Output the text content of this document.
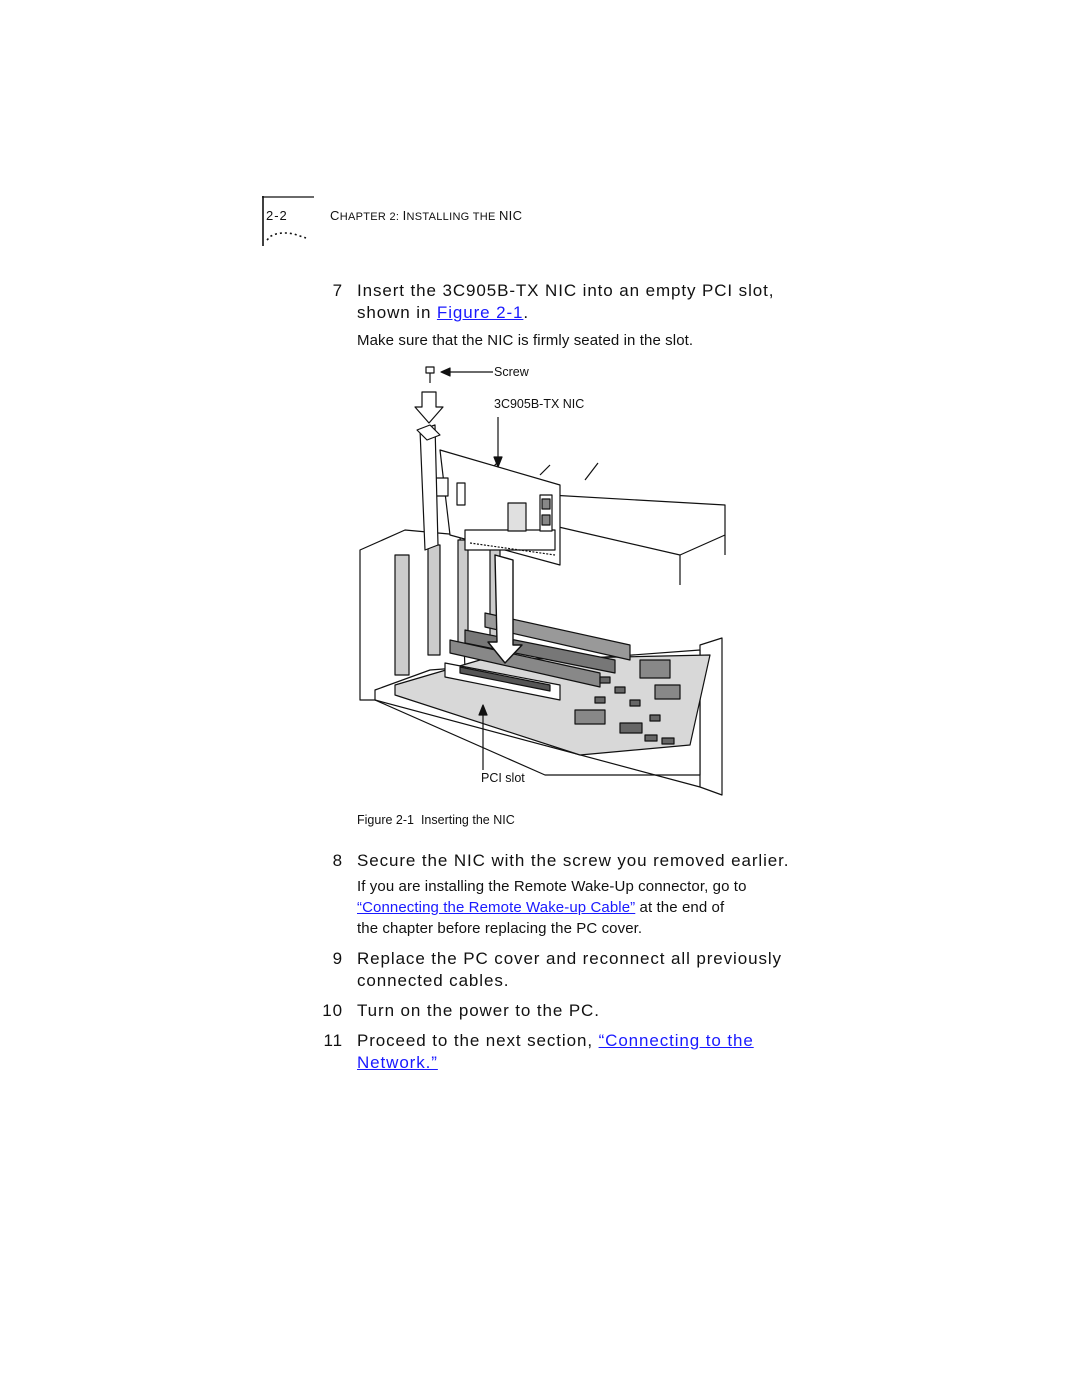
2-2	CHAPTER 2: INSTALLING THE NIC
7 Insert the 3C905B-TX NIC into an empty PCI slot,
shown in Figure 2-1.
Make sure that the NIC is firmly seated in the slot.
Screw
3C905B-TX NIC
PCI slot
Figure 2-1 Inserting the NIC
8 Secure the NIC with the screw you removed earlier.
If you are installing the Remote Wake-Up connector, go to
“Connecting the Remote Wake-up Cable” at the end of
the chapter before replacing the PC cover.
9 Replace the PC cover and reconnect all previously
connected cables.
10 Turn on the power to the PC.
11 Proceed to the next section, “Connecting to the
Network.”
